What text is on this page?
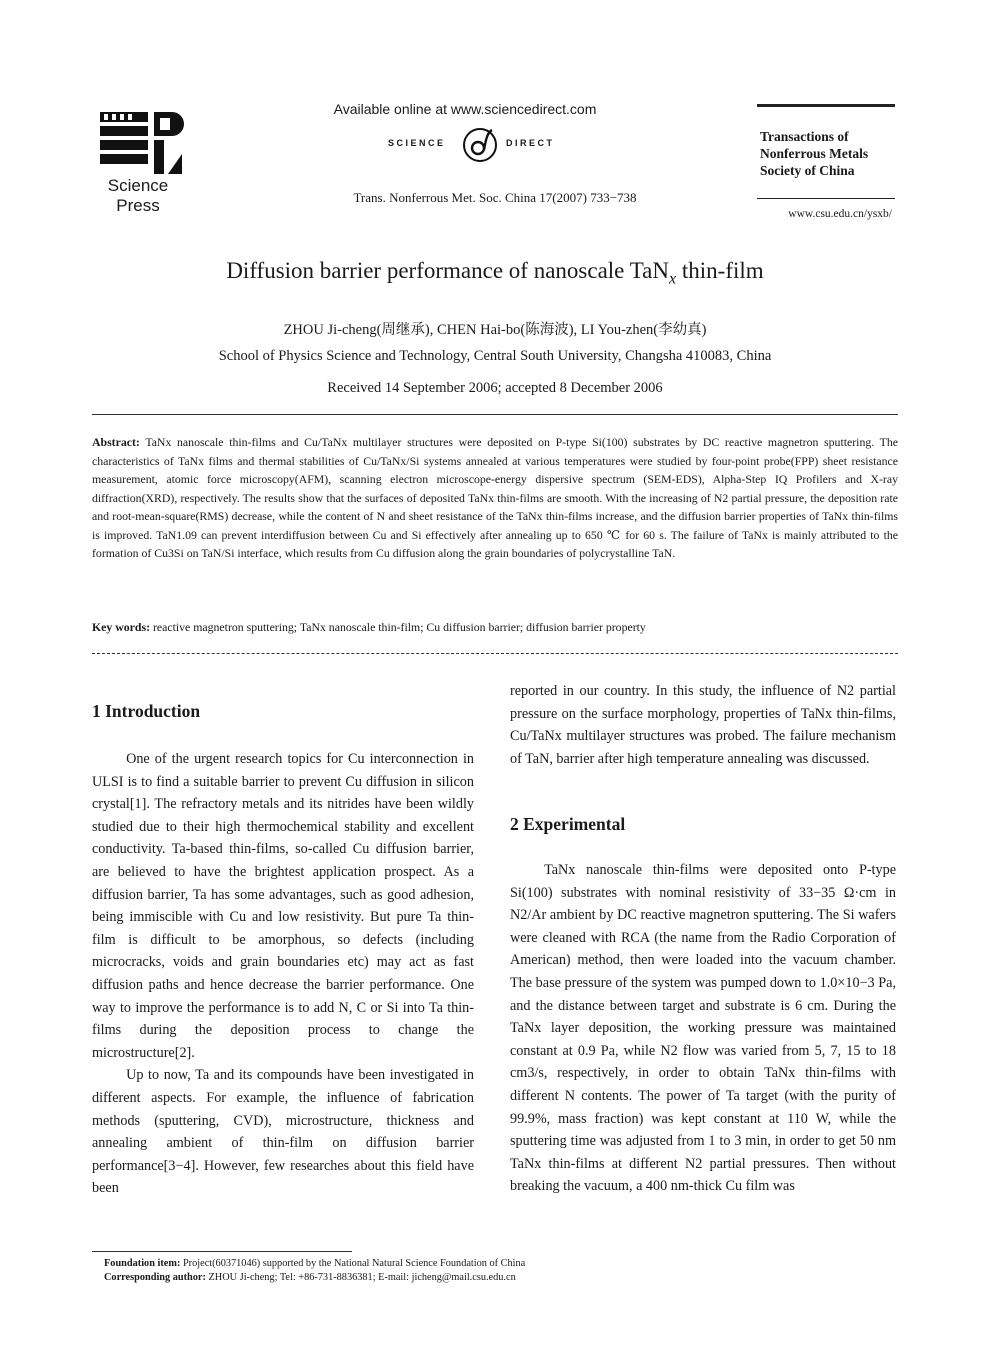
Science
Press
Available online at www.sciencedirect.com
SCIENCE	DIRECT
Trans. Nonferrous Met. Soc. China 17(2007) 733−738
Transactions of
Nonferrous Metals
Society of China
www.csu.edu.cn/ysxb/
Diffusion barrier performance of nanoscale TaN$_x$ thin-film
ZHOU Ji-cheng(周继承), CHEN Hai-bo(陈海波), LI You-zhen(李幼真)
School of Physics Science and Technology, Central South University, Changsha 410083, China
Received 14 September 2006; accepted 8 December 2006
Abstract: TaNx nanoscale thin-films and Cu/TaNx multilayer structures were deposited on P-type Si(100) substrates by DC reactive magnetron sputtering. The characteristics of TaNx films and thermal stabilities of Cu/TaNx/Si systems annealed at various temperatures were studied by four-point probe(FPP) sheet resistance measurement, atomic force microscopy(AFM), scanning electron microscope-energy dispersive spectrum (SEM-EDS), Alpha-Step IQ Profilers and X-ray diffraction(XRD), respectively. The results show that the surfaces of deposited TaNx thin-films are smooth. With the increasing of N2 partial pressure, the deposition rate and root-mean-square(RMS) decrease, while the content of N and sheet resistance of the TaNx thin-films increase, and the diffusion barrier properties of TaNx thin-films is improved. TaN1.09 can prevent interdiffusion between Cu and Si effectively after annealing up to 650 ℃ for 60 s. The failure of TaNx is mainly attributed to the formation of Cu3Si on TaN/Si interface, which results from Cu diffusion along the grain boundaries of polycrystalline TaN.
Key words: reactive magnetron sputtering; TaNx nanoscale thin-film; Cu diffusion barrier; diffusion barrier property
1 Introduction

One of the urgent research topics for Cu interconnection in ULSI is to find a suitable barrier to prevent Cu diffusion in silicon crystal[1]. The refractory metals and its nitrides have been wildly studied due to their high thermochemical stability and excellent conductivity. Ta-based thin-films, so-called Cu diffusion barrier, are believed to have the brightest application prospect. As a diffusion barrier, Ta has some advantages, such as good adhesion, being immiscible with Cu and low resistivity. But pure Ta thin-film is difficult to be amorphous, so defects (including microcracks, voids and grain boundaries etc) may act as fast diffusion paths and hence decrease the barrier performance. One way to improve the performance is to add N, C or Si into Ta thin-films during the deposition process to change the microstructure[2].

Up to now, Ta and its compounds have been investigated in different aspects. For example, the influence of fabrication methods (sputtering, CVD), microstructure, thickness and annealing ambient of thin-film on diffusion barrier performance[3−4]. However, few researches about this field have been

reported in our country. In this study, the influence of N2 partial pressure on the surface morphology, properties of TaNx thin-films, Cu/TaNx multilayer structures was probed. The failure mechanism of TaN, barrier after high temperature annealing was discussed.

2 Experimental

TaNx nanoscale thin-films were deposited onto P-type Si(100) substrates with nominal resistivity of 33−35 Ω·cm in N2/Ar ambient by DC reactive magnetron sputtering. The Si wafers were cleaned with RCA (the name from the Radio Corporation of American) method, then were loaded into the vacuum chamber. The base pressure of the system was pumped down to 1.0×10−3 Pa, and the distance between target and substrate is 6 cm. During the TaNx layer deposition, the working pressure was maintained constant at 0.9 Pa, while N2 flow was varied from 5, 7, 15 to 18 cm3/s, respectively, in order to obtain TaNx thin-films with different N contents. The power of Ta target (with the purity of 99.9%, mass fraction) was kept constant at 110 W, while the sputtering time was adjusted from 1 to 3 min, in order to get 50 nm TaNx thin-films at different N2 partial pressures. Then without breaking the vacuum, a 400 nm-thick Cu film was

Foundation item: Project(60371046) supported by the National Natural Science Foundation of China
Corresponding author: ZHOU Ji-cheng; Tel: +86-731-8836381; E-mail: jicheng@mail.csu.edu.cn
